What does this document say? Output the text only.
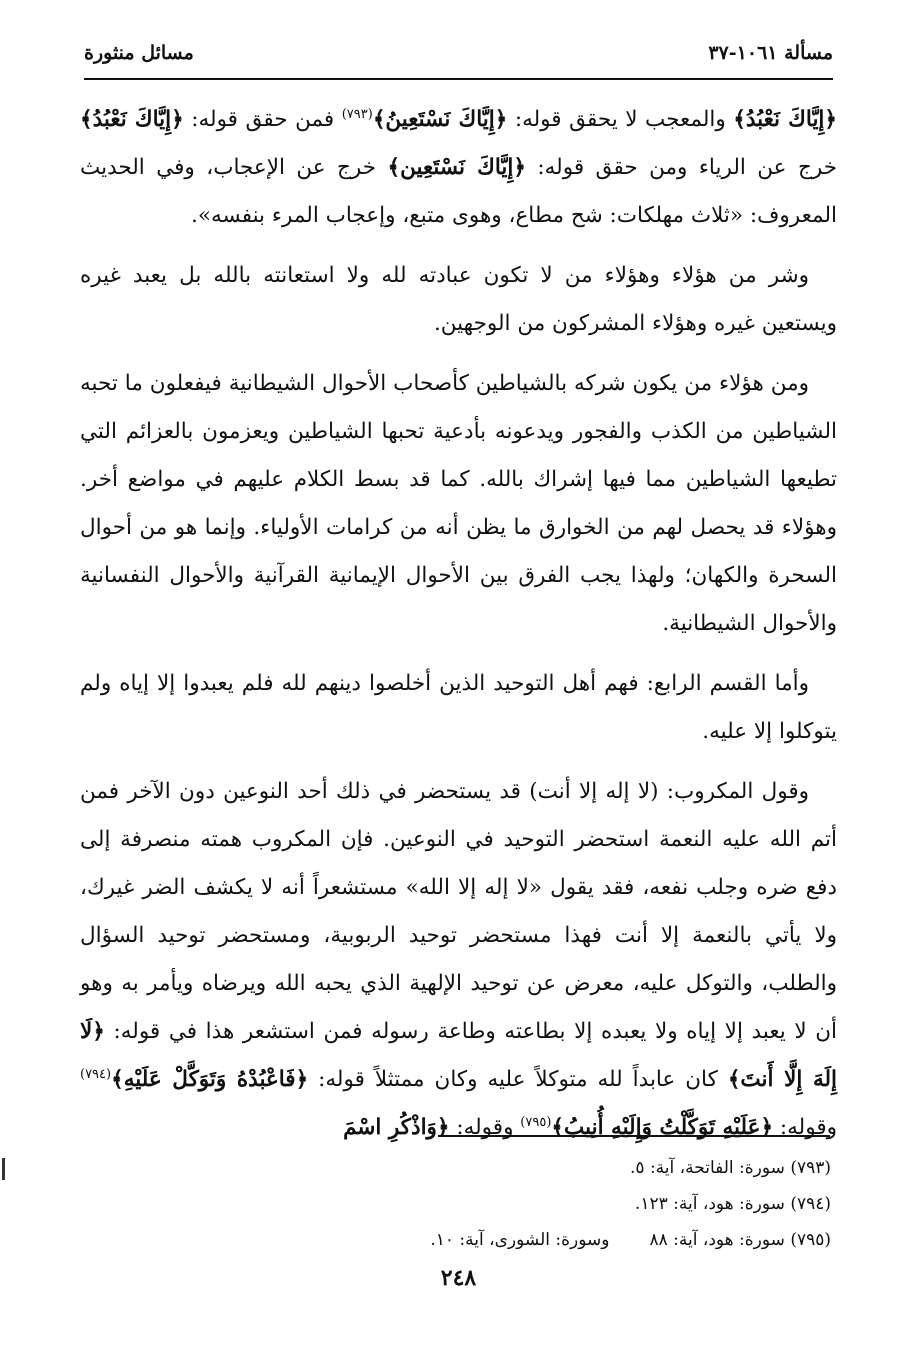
مسألة ١٠٦١-٣٧
مسائل منثورة

﴿إِيَّاكَ نَعْبُدُ﴾ والمعجب لا يحقق قوله: ﴿إِيَّاكَ نَسْتَعِينُ﴾$^{(٧٩٣)}$ فمن حقق قوله: ﴿إِيَّاكَ نَعْبُدُ﴾ خرج عن الرياء ومن حقق قوله: ﴿إِيَّاكَ نَسْتَعِين﴾ خرج عن الإعجاب، وفي الحديث المعروف: «ثلاث مهلكات: شح مطاع، وهوى متبع، وإعجاب المرء بنفسه».

وشر من هؤلاء وهؤلاء من لا تكون عبادته لله ولا استعانته بالله بل يعبد غيره ويستعين غيره وهؤلاء المشركون من الوجهين.

ومن هؤلاء من يكون شركه بالشياطين كأصحاب الأحوال الشيطانية فيفعلون ما تحبه الشياطين من الكذب والفجور ويدعونه بأدعية تحبها الشياطين ويعزمون بالعزائم التي تطيعها الشياطين مما فيها إشراك بالله. كما قد بسط الكلام عليهم في مواضع أخر. وهؤلاء قد يحصل لهم من الخوارق ما يظن أنه من كرامات الأولياء. وإنما هو من أحوال السحرة والكهان؛ ولهذا يجب الفرق بين الأحوال الإيمانية القرآنية والأحوال النفسانية والأحوال الشيطانية.

وأما القسم الرابع: فهم أهل التوحيد الذين أخلصوا دينهم لله فلم يعبدوا إلا إياه ولم يتوكلوا إلا عليه.

وقول المكروب: (لا إله إلا أنت) قد يستحضر في ذلك أحد النوعين دون الآخر فمن أتم الله عليه النعمة استحضر التوحيد في النوعين. فإن المكروب همته منصرفة إلى دفع ضره وجلب نفعه، فقد يقول «لا إله إلا الله» مستشعراً أنه لا يكشف الضر غيرك، ولا يأتي بالنعمة إلا أنت فهذا مستحضر توحيد الربوبية، ومستحضر توحيد السؤال والطلب، والتوكل عليه، معرض عن توحيد الإلهية الذي يحبه الله ويرضاه ويأمر به وهو أن لا يعبد إلا إياه ولا يعبده إلا بطاعته وطاعة رسوله فمن استشعر هذا في قوله: ﴿لَا إِلَهَ إِلَّا أَنتَ﴾ كان عابداً لله متوكلاً عليه وكان ممتثلاً قوله: ﴿فَاعْبُدْهُ وَتَوَكَّلْ عَلَيْهِ﴾$^{(٧٩٤)}$ وقوله: ﴿عَلَيْهِ تَوَكَّلْتُ وَإِلَيْهِ أُنِيبُ﴾$^{(٧٩٥)}$ وقوله: ﴿وَاذْكُرِ اسْمَ

(٧٩٣) سورة: الفاتحة، آية: ٥.

(٧٩٤) سورة: هود، آية: ١٢٣.

(٧٩٥) سورة: هود، آية: ٨٨وسورة: الشورى، آية: ١٠.

٢٤٨
